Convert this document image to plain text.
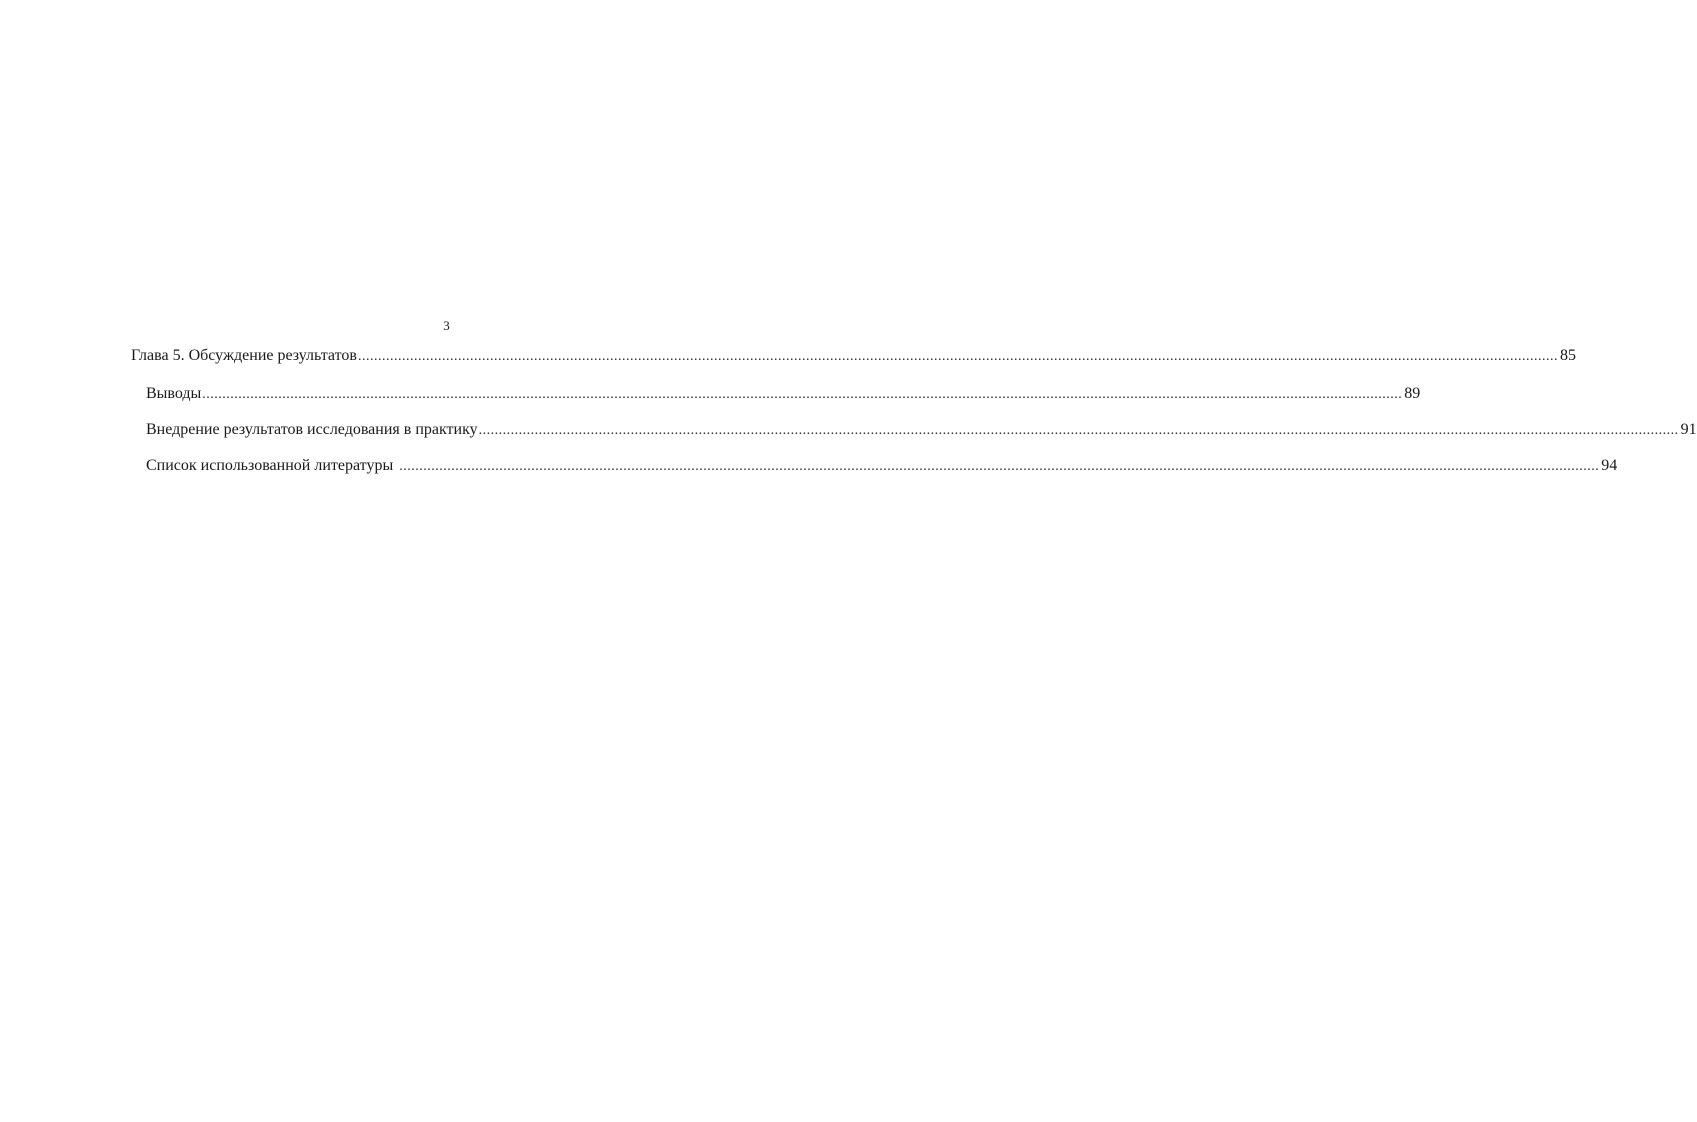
3
Глава 5. Обсуждение результатов ............................................................................................................................................................................................................................................................................................................ 85
Выводы ............................................................................................................................................................................................................................................................................................................ 89
Внедрение результатов исследования в практику ............................................................................................................................................................................................................................................................................................................ 91
Список использованной литературы ............................................................................................................................................................................................................................................................................................................ 94
